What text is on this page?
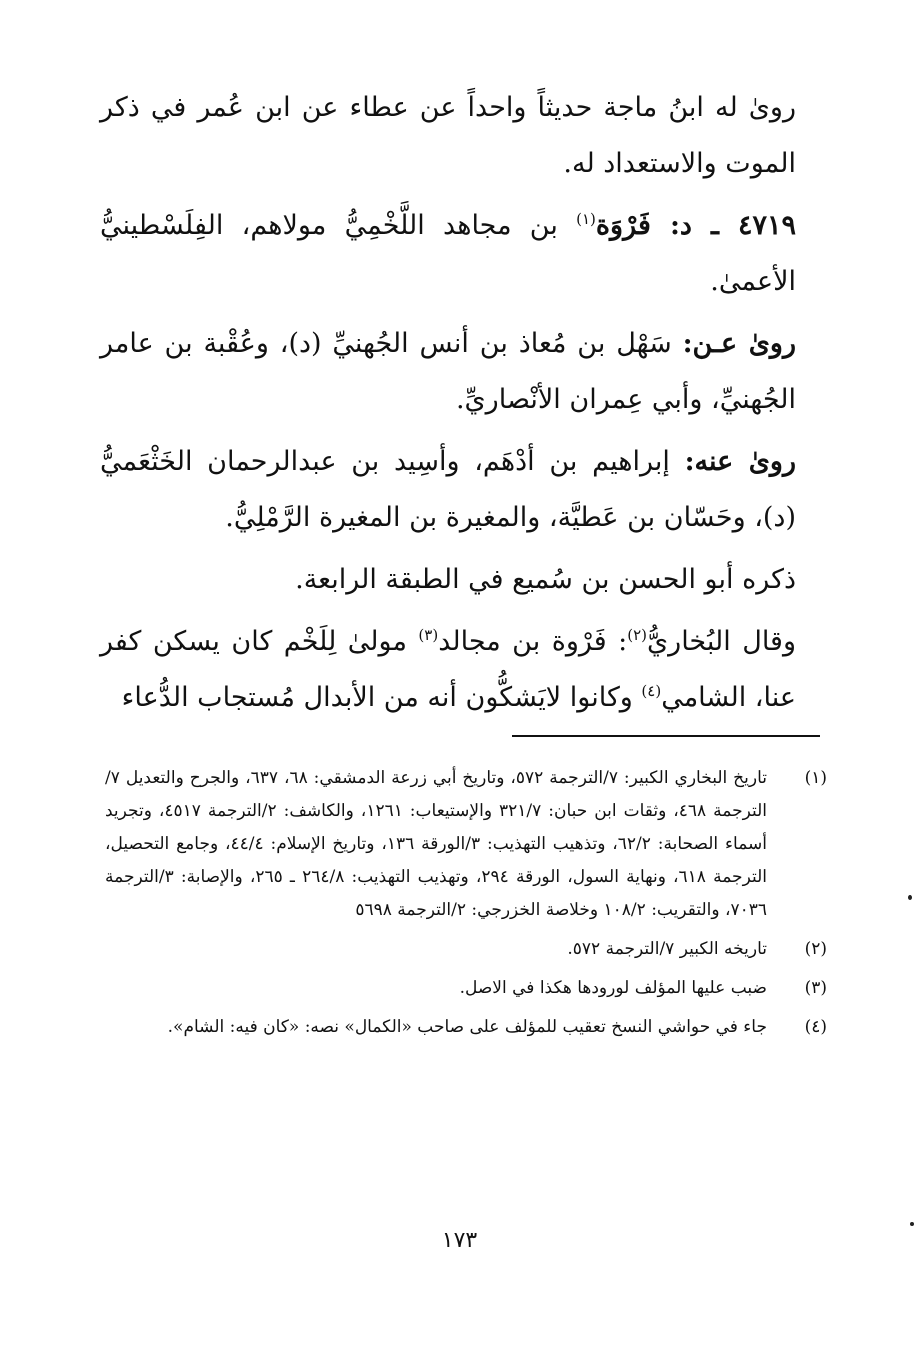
رویٰ له ابنُ ماجة حديثاً واحداً عن عطاء عن ابن عُمر في ذكر الموت والاستعداد له.

٤٧١٩ ـ د: فَرْوَة$^{(١)}$ بن مجاهد اللَّخْمِيُّ مولاهم، الفِلَسْطينيُّ الأعمىٰ.

روىٰ عـن: سَهْل بن مُعاذ بن أنس الجُهنيِّ (د)، وعُقْبة بن عامر الجُهنيِّ، وأبي عِمران الأنْصاريِّ.

روىٰ عنه: إبراهيم بن أدْهَم، وأسِيد بن عبدالرحمان الخَثْعَميُّ (د)، وحَسّان بن عَطيَّة، والمغيرة بن المغيرة الرَّمْلِيُّ.

ذكره أبو الحسن بن سُميع في الطبقة الرابعة.

وقال البُخاريُّ$^{(٢)}$: فَرْوة بن مجالد$^{(٣)}$ مولىٰ لِلَخْم كان يسكن كفر عنا، الشامي$^{(٤)}$ وكانوا لايَشكُّون أنه من الأبدال مُستجاب الدُّعاء

(١)
تاريخ البخاري الكبير: ٧/الترجمة ٥٧٢، وتاريخ أبي زرعة الدمشقي: ٦٨، ٦٣٧، والجرح والتعديل ٧/الترجمة ٤٦٨، وثقات ابن حبان: ٣٢١/٧ والإستيعاب: ١٢٦١، والكاشف: ٢/الترجمة ٤٥١٧، وتجريد أسماء الصحابة: ٦٢/٢، وتذهيب التهذيب: ٣/الورقة ١٣٦، وتاريخ الإسلام: ٤٤/٤، وجامع التحصيل، الترجمة ٦١٨، ونهاية السول، الورقة ٢٩٤، وتهذيب التهذيب: ٢٦٤/٨ ـ ٢٦٥، والإصابة: ٣/الترجمة ٧٠٣٦، والتقريب: ١٠٨/٢ وخلاصة الخزرجي: ٢/الترجمة ٥٦٩٨
(٢)
تاريخه الكبير ٧/الترجمة ٥٧٢.
(٣)
ضبب عليها المؤلف لورودها هكذا في الاصل.
(٤)
جاء في حواشي النسخ تعقيب للمؤلف على صاحب «الكمال» نصه: «كان فيه: الشام».
١٧٣
